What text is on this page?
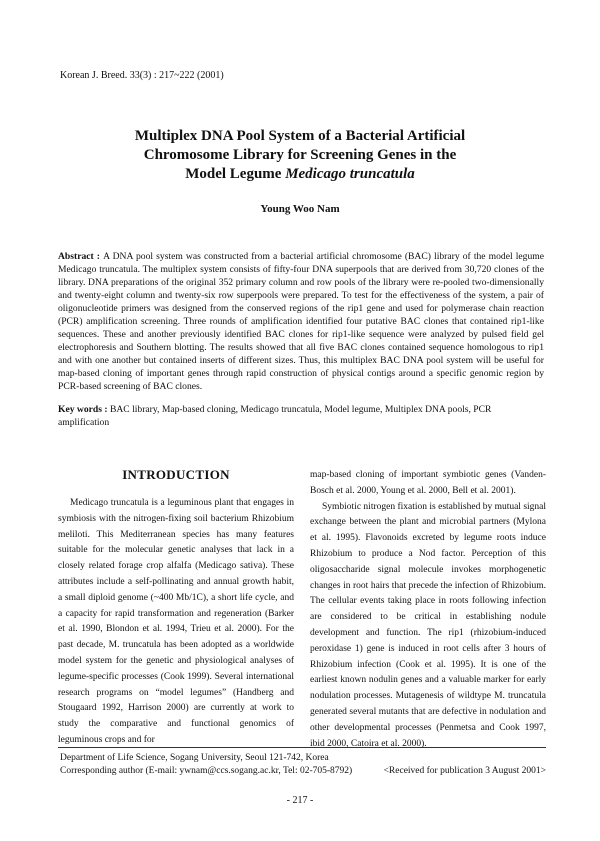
Korean J. Breed. 33(3) : 217~222 (2001)
Multiplex DNA Pool System of a Bacterial Artificial
Chromosome Library for Screening Genes in the
Model Legume Medicago truncatula
Young Woo Nam
Abstract : A DNA pool system was constructed from a bacterial artificial chromosome (BAC) library of the model legume Medicago truncatula. The multiplex system consists of fifty-four DNA superpools that are derived from 30,720 clones of the library. DNA preparations of the original 352 primary column and row pools of the library were re-pooled two-dimensionally and twenty-eight column and twenty-six row superpools were prepared. To test for the effectiveness of the system, a pair of oligonucleotide primers was designed from the conserved regions of the rip1 gene and used for polymerase chain reaction (PCR) amplification screening. Three rounds of amplification identified four putative BAC clones that contained rip1-like sequences. These and another previously identified BAC clones for rip1-like sequence were analyzed by pulsed field gel electrophoresis and Southern blotting. The results showed that all five BAC clones contained sequence homologous to rip1 and with one another but contained inserts of different sizes. Thus, this multiplex BAC DNA pool system will be useful for map-based cloning of important genes through rapid construction of physical contigs around a specific genomic region by PCR-based screening of BAC clones.
Key words : BAC library, Map-based cloning, Medicago truncatula, Model legume, Multiplex DNA pools, PCR amplification
INTRODUCTION

Medicago truncatula is a leguminous plant that engages in symbiosis with the nitrogen-fixing soil bacterium Rhizobium meliloti. This Mediterranean species has many features suitable for the molecular genetic analyses that lack in a closely related forage crop alfalfa (Medicago sativa). These attributes include a self-pollinating and annual growth habit, a small diploid genome (~400 Mb/1C), a short life cycle, and a capacity for rapid transformation and regeneration (Barker et al. 1990, Blondon et al. 1994, Trieu et al. 2000). For the past decade, M. truncatula has been adopted as a worldwide model system for the genetic and physiological analyses of legume-specific processes (Cook 1999). Several international research programs on “model legumes” (Handberg and Stougaard 1992, Harrison 2000) are currently at work to study the comparative and functional genomics of leguminous crops and for

map-based cloning of important symbiotic genes (Vanden-Bosch et al. 2000, Young et al. 2000, Bell et al. 2001).

Symbiotic nitrogen fixation is established by mutual signal exchange between the plant and microbial partners (Mylona et al. 1995). Flavonoids excreted by legume roots induce Rhizobium to produce a Nod factor. Perception of this oligosaccharide signal molecule invokes morphogenetic changes in root hairs that precede the infection of Rhizobium. The cellular events taking place in roots following infection are considered to be critical in establishing nodule development and function. The rip1 (rhizobium-induced peroxidase 1) gene is induced in root cells after 3 hours of Rhizobium infection (Cook et al. 1995). It is one of the earliest known nodulin genes and a valuable marker for early nodulation processes. Mutagenesis of wildtype M. truncatula generated several mutants that are defective in nodulation and other developmental processes (Penmetsa and Cook 1997, ibid 2000, Catoira et al. 2000).

Department of Life Science, Sogang University, Seoul 121-742, Korea
Corresponding author (E-mail: ywnam@ccs.sogang.ac.kr, Tel: 02-705-8792)	<Received for publication 3 August 2001>
- 217 -
